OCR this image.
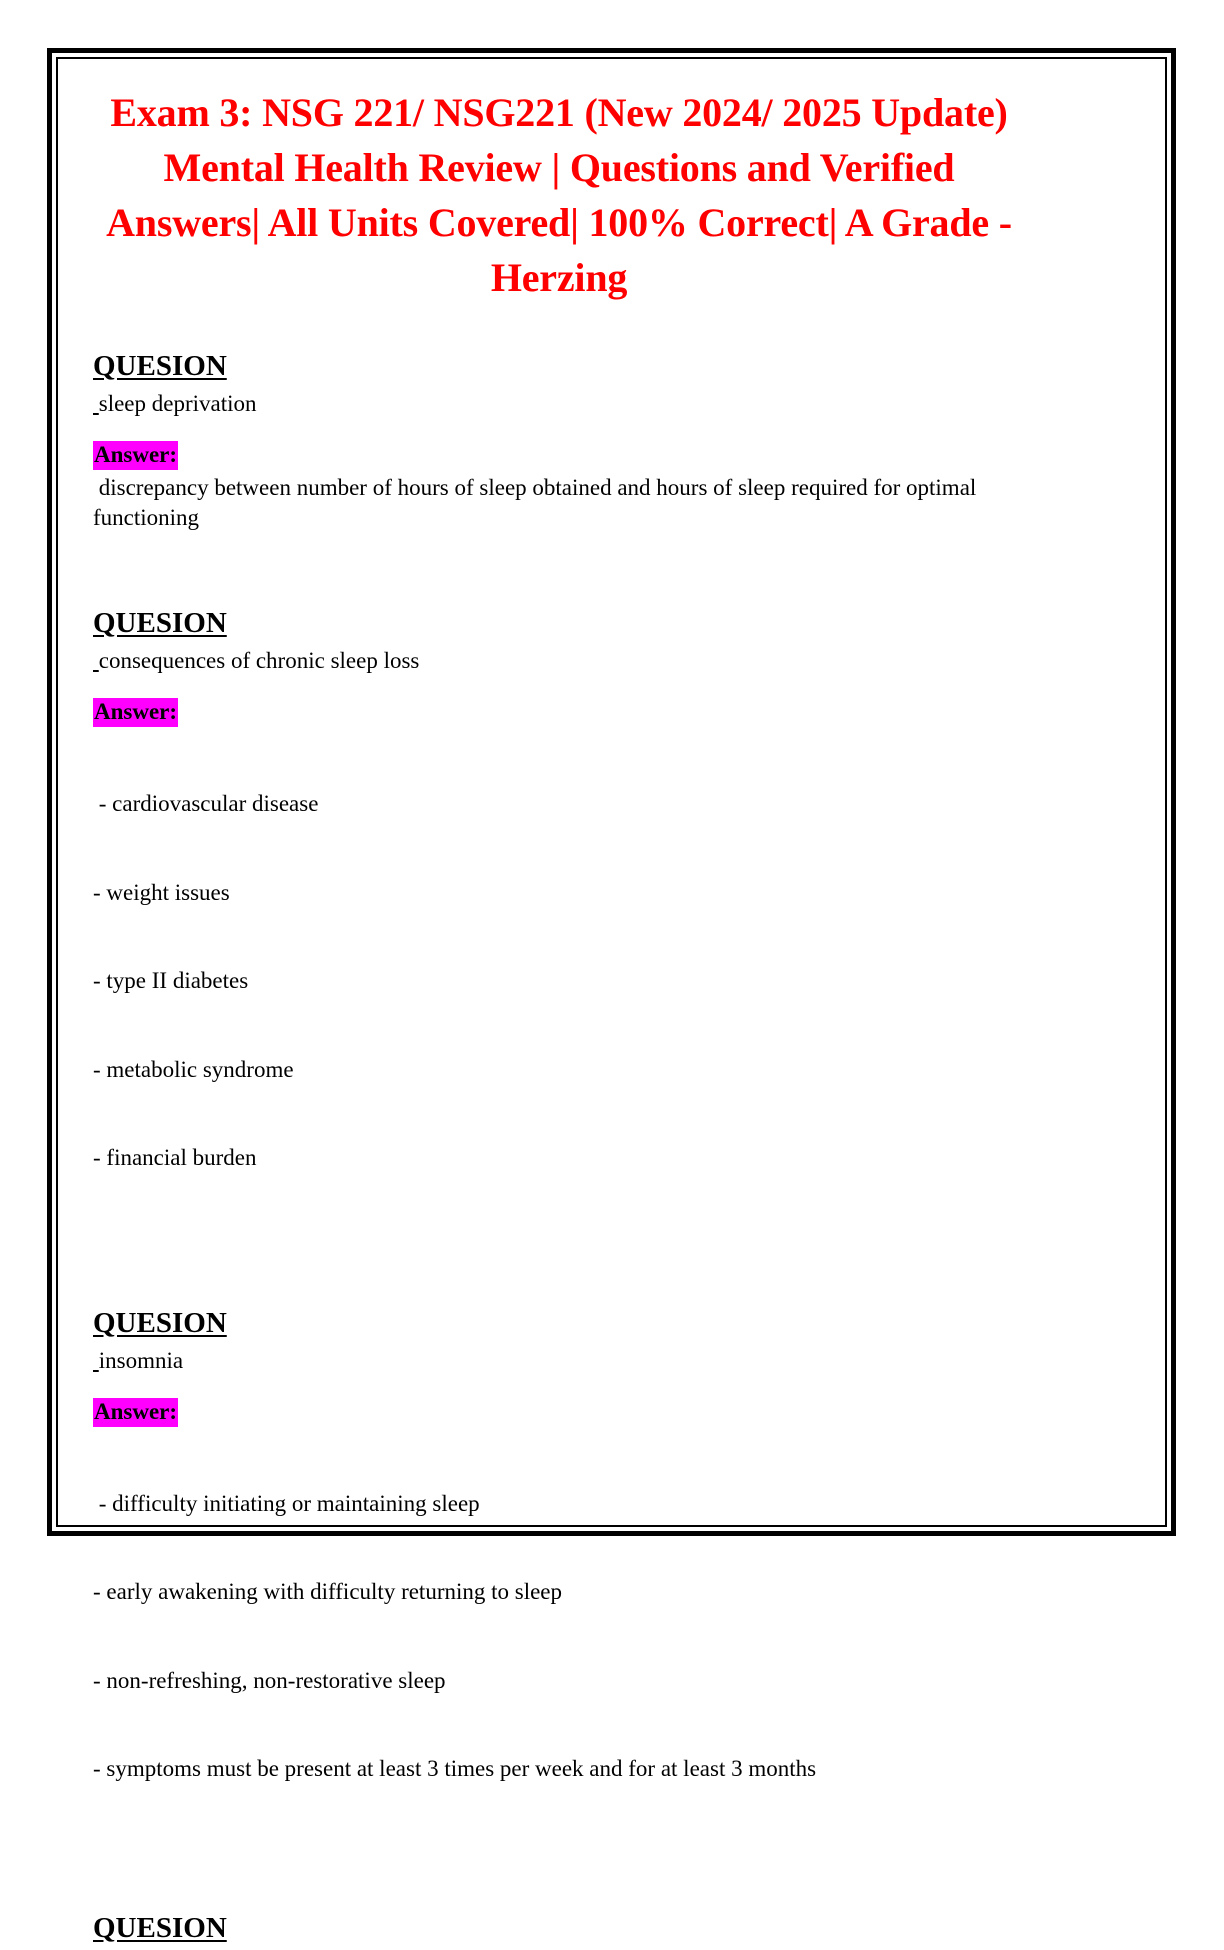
Exam 3: NSG 221/ NSG221 (New 2024/ 2025 Update) Mental Health Review | Questions and Verified Answers| All Units Covered| 100% Correct| A Grade - Herzing
QUESION

sleep deprivation

Answer:

discrepancy between number of hours of sleep obtained and hours of sleep required for optimal functioning

QUESION

consequences of chronic sleep loss

Answer:

- cardiovascular disease

- weight issues

- type II diabetes

- metabolic syndrome

- financial burden

QUESION

insomnia

Answer:

- difficulty initiating or maintaining sleep

- early awakening with difficulty returning to sleep

- non-refreshing, non-restorative sleep

- symptoms must be present at least 3 times per week and for at least 3 months

QUESION
